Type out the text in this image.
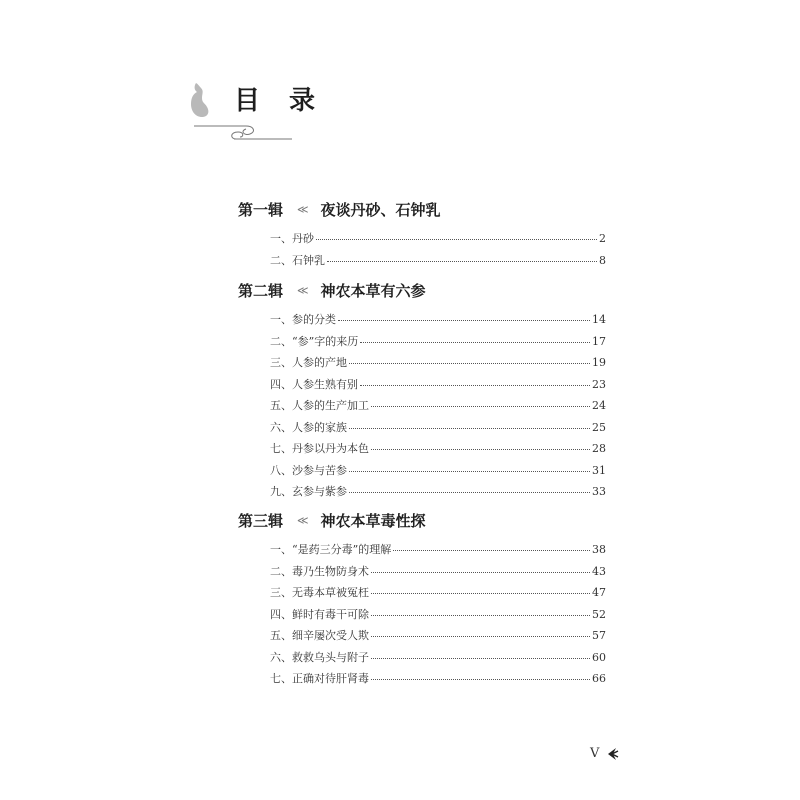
目 录
第一辑 ≪ 夜谈丹砂、石钟乳
一、丹砂	2
二、石钟乳	8
第二辑 ≪ 神农本草有六参
一、参的分类	14
二、“参”字的来历	17
三、人参的产地	19
四、人参生熟有别	23
五、人参的生产加工	24
六、人参的家族	25
七、丹参以丹为本色	28
八、沙参与苦参	31
九、玄参与紫参	33
第三辑 ≪ 神农本草毒性探
一、“是药三分毒”的理解	38
二、毒乃生物防身术	43
三、无毒本草被冤枉	47
四、鲜时有毒干可除	52
五、细辛屡次受人欺	57
六、救救乌头与附子	60
七、正确对待肝肾毒	66
V
